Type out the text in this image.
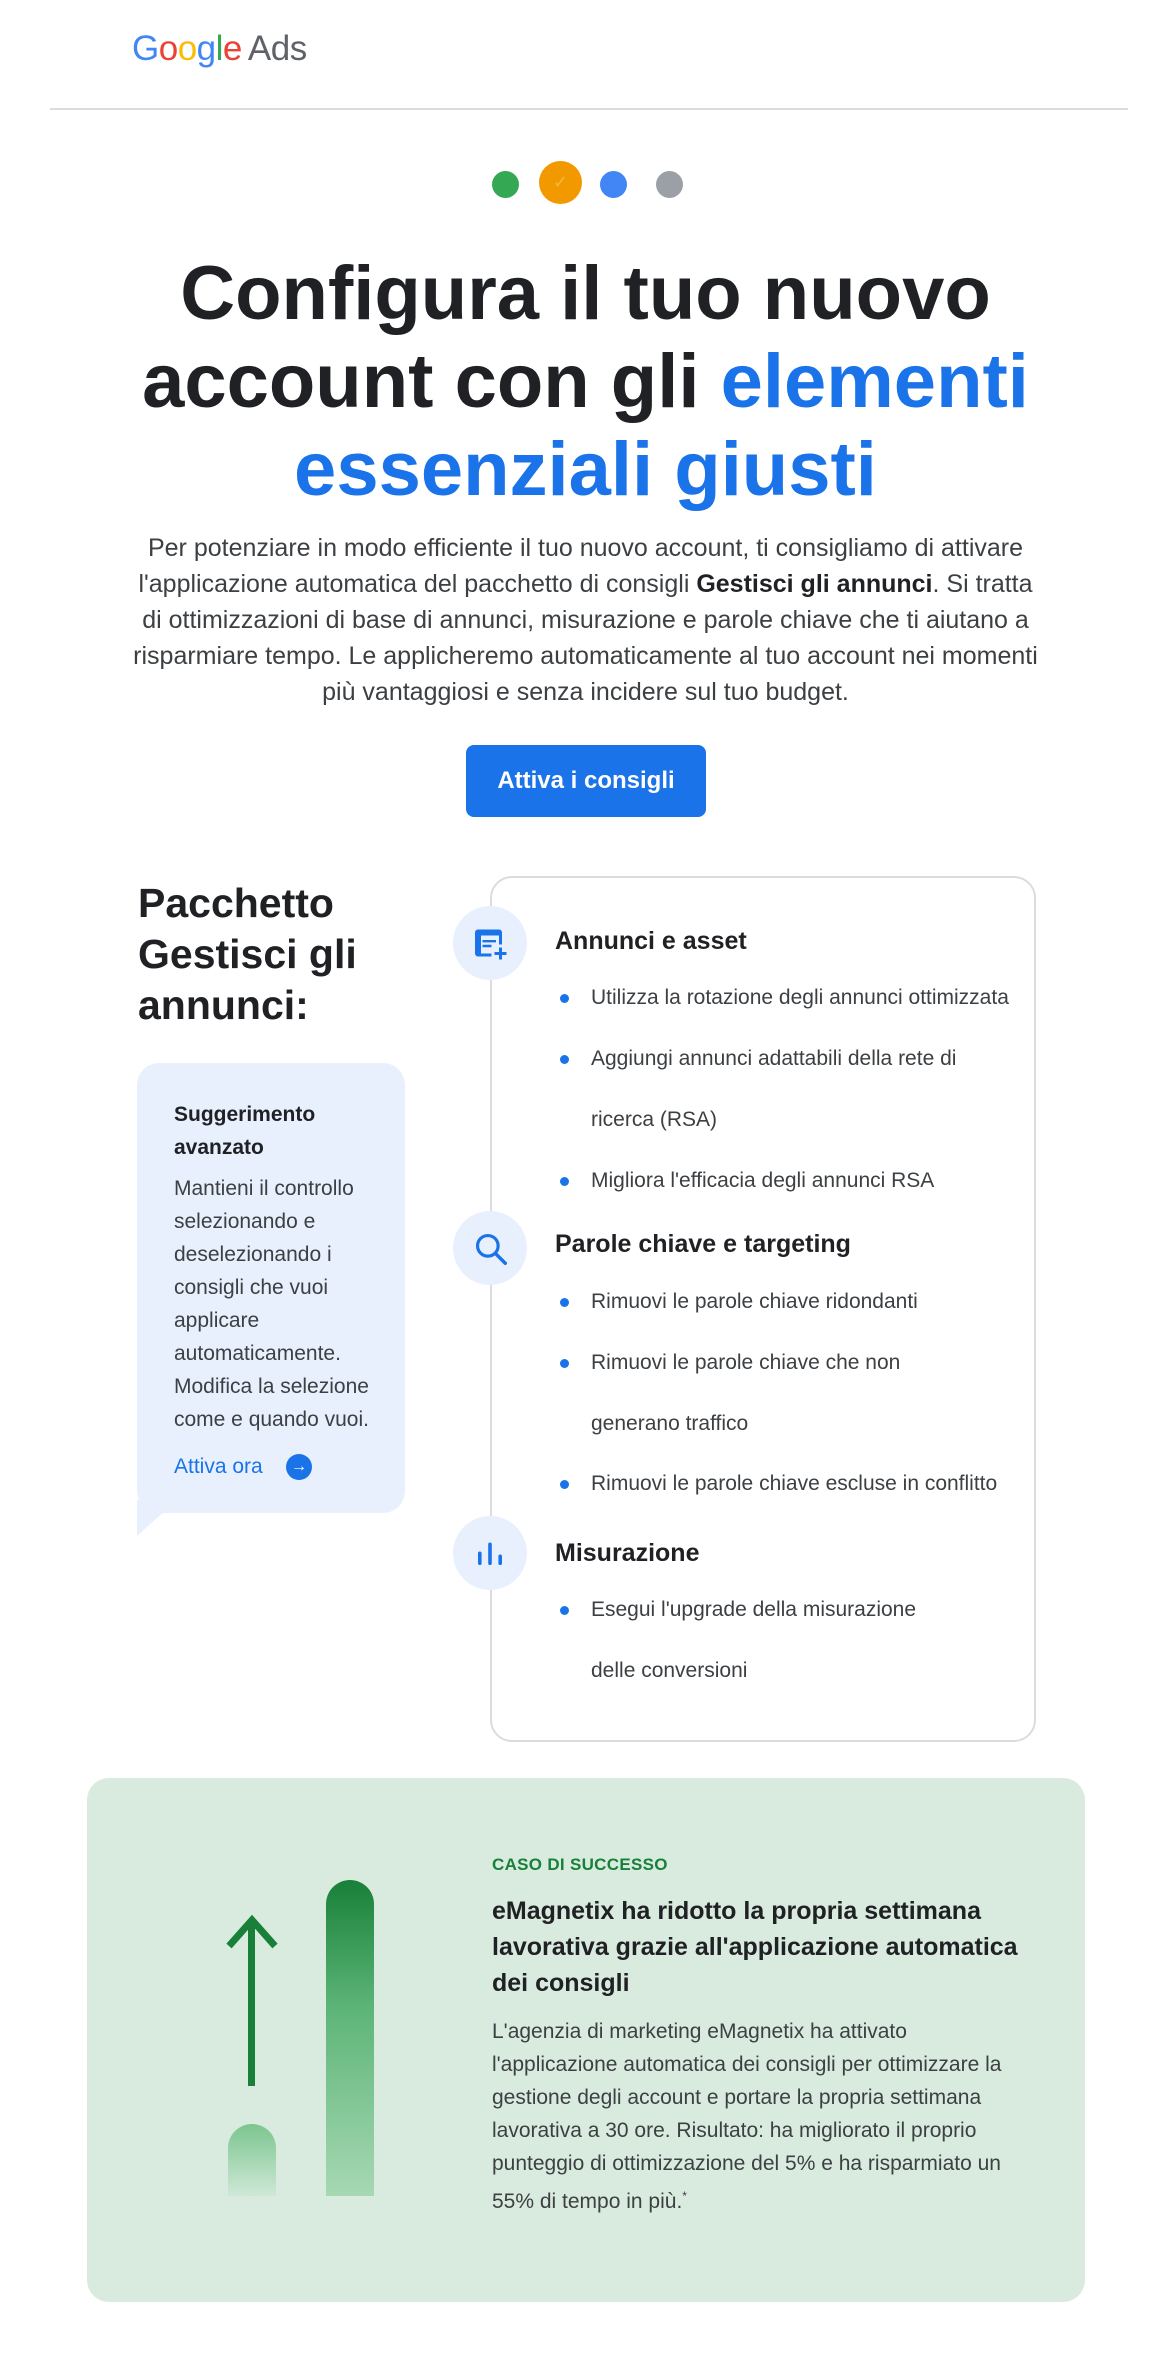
Google Ads
✓
Configura il tuo nuovo account con gli elementi essenziali giusti
Per potenziare in modo efficiente il tuo nuovo account, ti consigliamo di attivare l'applicazione automatica del pacchetto di consigli Gestisci gli annunci. Si tratta di ottimizzazioni di base di annunci, misurazione e parole chiave che ti aiutano a risparmiare tempo. Le applicheremo automaticamente al tuo account nei momenti più vantaggiosi e senza incidere sul tuo budget.
Attiva i consigli
Pacchetto Gestisci gli annunci:
Suggerimento avanzato
Mantieni il controllo selezionando e deselezionando i consigli che vuoi applicare automaticamente. Modifica la selezione come e quando vuoi.
Attiva ora	→
Annunci e asset
Utilizza la rotazione degli annunci ottimizzata
Aggiungi annunci adattabili della rete di
ricerca (RSA)
Migliora l'efficacia degli annunci RSA
Parole chiave e targeting
Rimuovi le parole chiave ridondanti
Rimuovi le parole chiave che non
generano traffico
Rimuovi le parole chiave escluse in conflitto
Misurazione
Esegui l'upgrade della misurazione
delle conversioni
CASO DI SUCCESSO
eMagnetix ha ridotto la propria settimana lavorativa grazie all'applicazione automatica dei consigli
L'agenzia di marketing eMagnetix ha attivato l'applicazione automatica dei consigli per ottimizzare la gestione degli account e portare la propria settimana lavorativa a 30 ore. Risultato: ha migliorato il proprio punteggio di ottimizzazione del 5% e ha risparmiato un 55% di tempo in più.*
